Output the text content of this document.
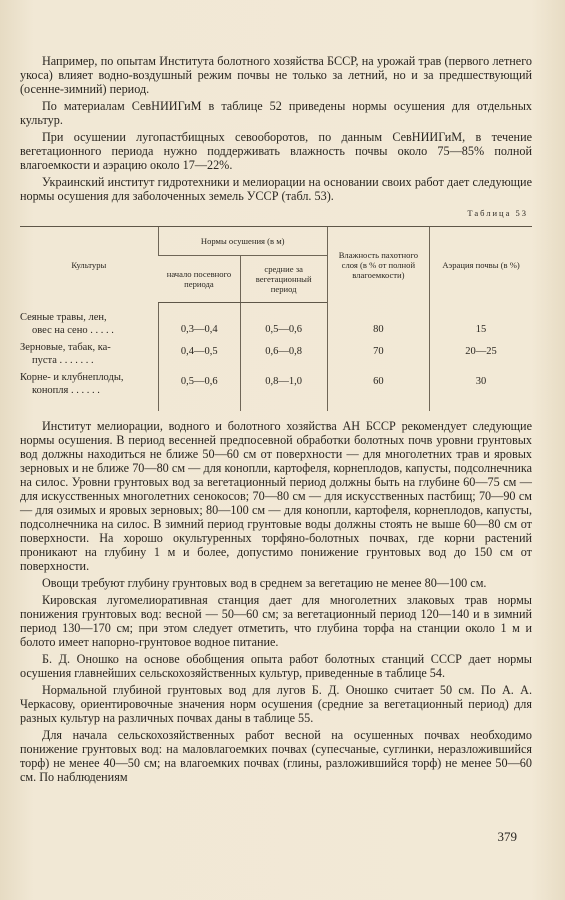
Например, по опытам Института болотного хозяйства БССР, на урожай трав (первого летнего укоса) влияет водно-воздушный режим почвы не только за летний, но и за предшествующий (осенне-зимний) период.

По материалам СевНИИГиМ в таблице 52 приведены нормы осушения для отдельных культур.

При осушении лугопастбищных севооборотов, по данным СевНИИГиМ, в течение вегетационного периода нужно поддерживать влажность почвы около 75—85% полной влагоемкости и аэрацию около 17—22%.

Украинский институт гидротехники и мелиорации на основании своих работ дает следующие нормы осушения для заболоченных земель УССР (табл. 53).

Таблица 53
Культуры	Нормы осушения (в м)		Влажность пахотного слоя (в % от полной влагоемкости)	Аэрация почвы (в %)
	начало посевного периода	средние за вегетационный период		

Сеяные травы, лен,
овес на сено . . . . .	0,3—0,4	0,5—0,6	80	15

Зерновые, табак, ка-
пуста . . . . . . .	0,4—0,5	0,6—0,8	70	20—25

Корне- и клубнеплоды,
конопля . . . . . .	0,5—0,6	0,8—1,0	60	30

Институт мелиорации, водного и болотного хозяйства АН БССР рекомендует следующие нормы осушения. В период весенней предпосевной обработки болотных почв уровни грунтовых вод должны находиться не ближе 50—60 см от поверхности — для многолетних трав и яровых зерновых и не ближе 70—80 см — для конопли, картофеля, корнеплодов, капусты, подсолнечника на силос. Уровни грунтовых вод за вегетационный период должны быть на глубине 60—75 см — для искусственных многолетних сенокосов; 70—80 см — для искусственных пастбищ; 70—90 см — для озимых и яровых зерновых; 80—100 см — для конопли, картофеля, корнеплодов, капусты, подсолнечника на силос. В зимний период грунтовые воды должны стоять не выше 60—80 см от поверхности. На хорошо окультуренных торфяно-болотных почвах, где корни растений проникают на глубину 1 м и более, допустимо понижение грунтовых вод до 150 см от поверхности.

Овощи требуют глубину грунтовых вод в среднем за вегетацию не менее 80—100 см.

Кировская лугомелиоративная станция дает для многолетних злаковых трав нормы понижения грунтовых вод: весной — 50—60 см; за вегетационный период 120—140 и в зимний период 130—170 см; при этом следует отметить, что глубина торфа на станции около 1 м и болото имеет напорно-грунтовое водное питание.

Б. Д. Оношко на основе обобщения опыта работ болотных станций СССР дает нормы осушения главнейших сельскохозяйственных культур, приведенные в таблице 54.

Нормальной глубиной грунтовых вод для лугов Б. Д. Оношко считает 50 см. По А. А. Черкасову, ориентировочные значения норм осушения (средние за вегетационный период) для разных культур на различных почвах даны в таблице 55.

Для начала сельскохозяйственных работ весной на осушенных почвах необходимо понижение грунтовых вод: на маловлагоемких почвах (супесчаные, суглинки, неразложившийся торф) не менее 40—50 см; на влагоемких почвах (глины, разложившийся торф) не менее 50—60 см. По наблюдениям

379
